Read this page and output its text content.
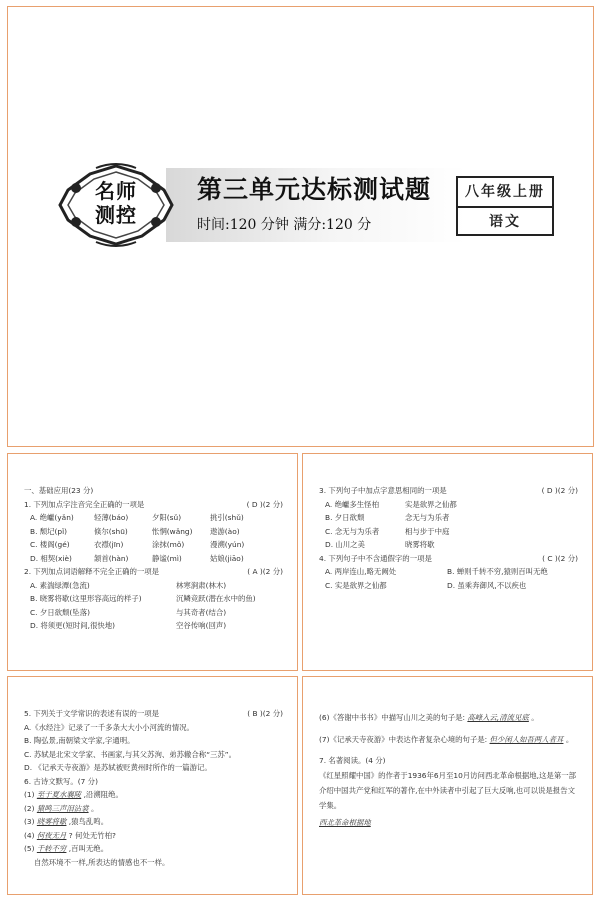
名师
测控
第三单元达标测试题
时间:120 分钟 满分:120 分
八年级上册
语文
一、基础应用(23 分)
1. 下列加点字注音完全正确的一项是	( D )(2 分)
A. 绝巘(yǎn)	轻薄(báo)	夕阳(sǔ)	挑引(shǔ)
B. 颓圮(pǐ)	倏尔(shū)	怅惘(wǎng) 遨游(ào)
C. 楼阁(gé)	衣襟(jīn)	涂抹(mǒ)	漫溯(yún)
D. 相契(xiè)	颔首(hàn)	静谧(mì)	姑娘(jiāo)
2. 下列加点词语解释不完全正确的一项是	( A )(2 分)
A. 素湍绿潭(急流)	林寒涧肃(林木)
B. 晓雾将歇(这里形容高远的样子)	沉鳞竞跃(潜在水中的鱼)
C. 夕日欲颓(坠落)	与其奇者(结合)
D. 将须更(短时间,很快地)	空谷传响(回声)
3. 下列句子中加点字意思相同的一项是	( D )(2 分)
A. 绝巘多生怪柏	实是欲界之仙都
B. 夕日欲颓	念无与为乐者
C. 念无与为乐者	相与步于中庭
D. 山川之美	晓雾将歇
4. 下列句子中不含通假字的一项是	( C )(2 分)
A. 两岸连山,略无阙处	B. 蝉则千转不穷,猿则百叫无绝
C. 实是欲界之仙都	D. 虽乘奔御风,不以疾也
5. 下列关于文学常识的表述有误的一项是	( B )(2 分)
A.《水经注》记录了一千多条大大小小河流的情况。
B. 陶弘景,南朝梁文学家,字通明。
C. 苏轼是北宋文学家、书画家,与其父苏洵、弟苏辙合称“三苏”。
D. 《记承天寺夜游》是苏轼被贬黄州时所作的一篇游记。
6. 古诗文默写。(7 分)
(1) 至于夏水襄陵 ,沿溯阻绝。
(2) 猿鸣三声泪沾裳 。
(3) 晓雾将歇 ,猿鸟乱鸣。
(4) 何夜无月 ? 何处无竹柏?
(5) 千转不穷 ,百叫无绝。
自然环境不一样,所表达的情感也不一样。
(6)《答谢中书书》中描写山川之美的句子是: 高峰入云,清流见底 。
(7)《记承天寺夜游》中表达作者复杂心境的句子是: 但少闲人如吾两人者耳 。
7. 名著阅读。(4 分)
《红星照耀中国》的作者于1936年6月至10月访问西北革命根据地,这是第一部介绍中国共产党和红军的著作,在中外读者中引起了巨大反响,也可以说是报告文学集。
西北革命根据地
